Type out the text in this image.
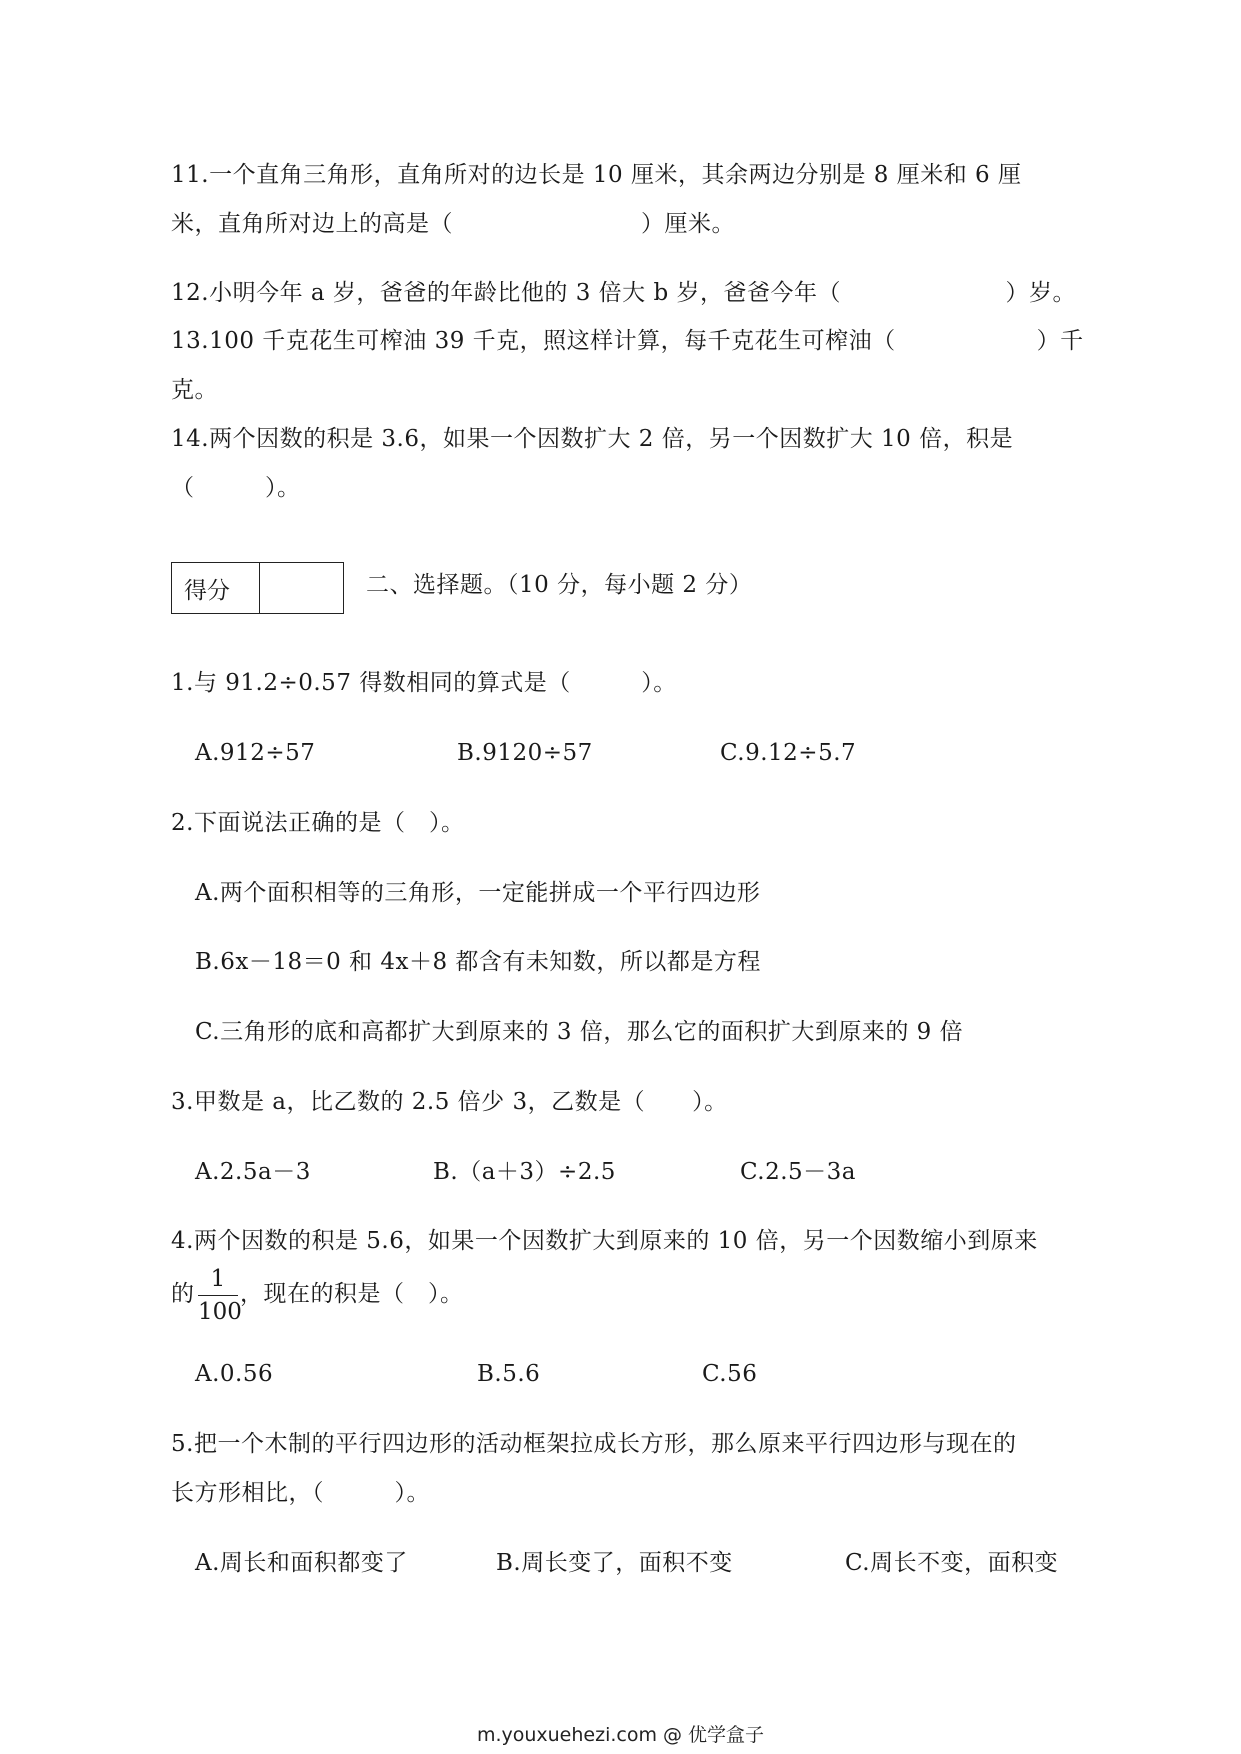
11.一个直角三角形，直角所对的边长是 10 厘米，其余两边分别是 8 厘米和 6 厘
米，直角所对边上的高是（　　　　　　　　）厘米。
12.小明今年 a 岁，爸爸的年龄比他的 3 倍大 b 岁，爸爸今年（　　　　　　　）岁。
13.100 千克花生可榨油 39 千克，照这样计算，每千克花生可榨油（　　　　　　）千
克。
14.两个因数的积是 3.6，如果一个因数扩大 2 倍，另一个因数扩大 10 倍，积是
（　　　）。
得分	二、选择题。（10 分，每小题 2 分）
1.与 91.2÷0.57 得数相同的算式是（　　　）。
A.912÷57	B.9120÷57	C.9.12÷5.7
2.下面说法正确的是（　）。
A.两个面积相等的三角形，一定能拼成一个平行四边形
B.6x－18＝0 和 4x＋8 都含有未知数，所以都是方程
C.三角形的底和高都扩大到原来的 3 倍，那么它的面积扩大到原来的 9 倍
3.甲数是 a，比乙数的 2.5 倍少 3，乙数是（　　）。
A.2.5a－3	B.（a＋3）÷2.5	C.2.5－3a
4.两个因数的积是 5.6，如果一个因数扩大到原来的 10 倍，另一个因数缩小到原来
的
1
100
，现在的积是（　）。
A.0.56	B.5.6	C.56
5.把一个木制的平行四边形的活动框架拉成长方形，那么原来平行四边形与现在的
长方形相比，（　　　）。
A.周长和面积都变了	B.周长变了，面积不变	C.周长不变，面积变
m.youxuehezi.com @ 优学盒子
